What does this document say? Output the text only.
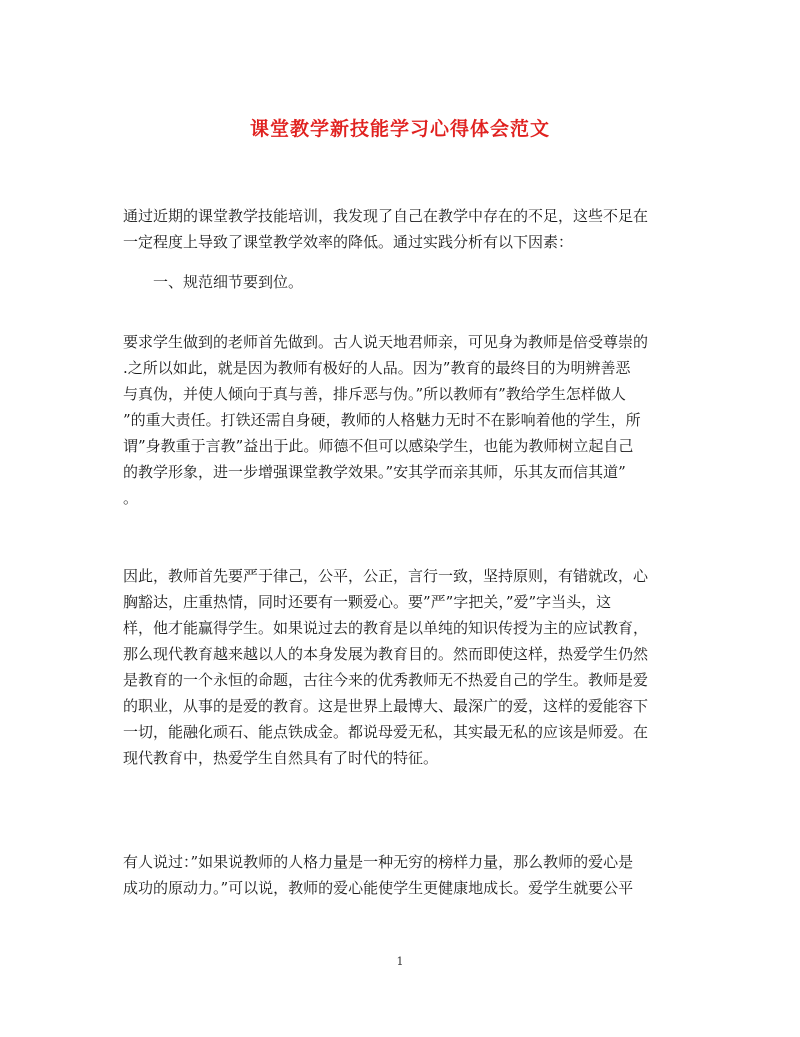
课堂教学新技能学习心得体会范文

通过近期的课堂教学技能培训，我发现了自己在教学中存在的不足，这些不足在
一定程度上导致了课堂教学效率的降低。通过实践分析有以下因素：

　　一、规范细节要到位。

要求学生做到的老师首先做到。古人说天地君师亲，可见身为教师是倍受尊崇的
.之所以如此，就是因为教师有极好的人品。因为”教育的最终目的为明辨善恶
与真伪，并使人倾向于真与善，排斥恶与伪。”所以教师有”教给学生怎样做人
”的重大责任。打铁还需自身硬，教师的人格魅力无时不在影响着他的学生，所
谓”身教重于言教”益出于此。师德不但可以感染学生，也能为教师树立起自己
的教学形象，进一步增强课堂教学效果。”安其学而亲其师，乐其友而信其道”
。

因此，教师首先要严于律己，公平，公正，言行一致，坚持原则，有错就改，心
胸豁达，庄重热情，同时还要有一颗爱心。要”严”字把关，”爱”字当头，这
样，他才能赢得学生。如果说过去的教育是以单纯的知识传授为主的应试教育，
那么现代教育越来越以人的本身发展为教育目的。然而即使这样，热爱学生仍然
是教育的一个永恒的命题，古往今来的优秀教师无不热爱自己的学生。教师是爱
的职业，从事的是爱的教育。这是世界上最博大、最深广的爱，这样的爱能容下
一切，能融化顽石、能点铁成金。都说母爱无私，其实最无私的应该是师爱。在
现代教育中，热爱学生自然具有了时代的特征。

有人说过：”如果说教师的人格力量是一种无穷的榜样力量，那么教师的爱心是
成功的原动力。”可以说，教师的爱心能使学生更健康地成长。爱学生就要公平

1
